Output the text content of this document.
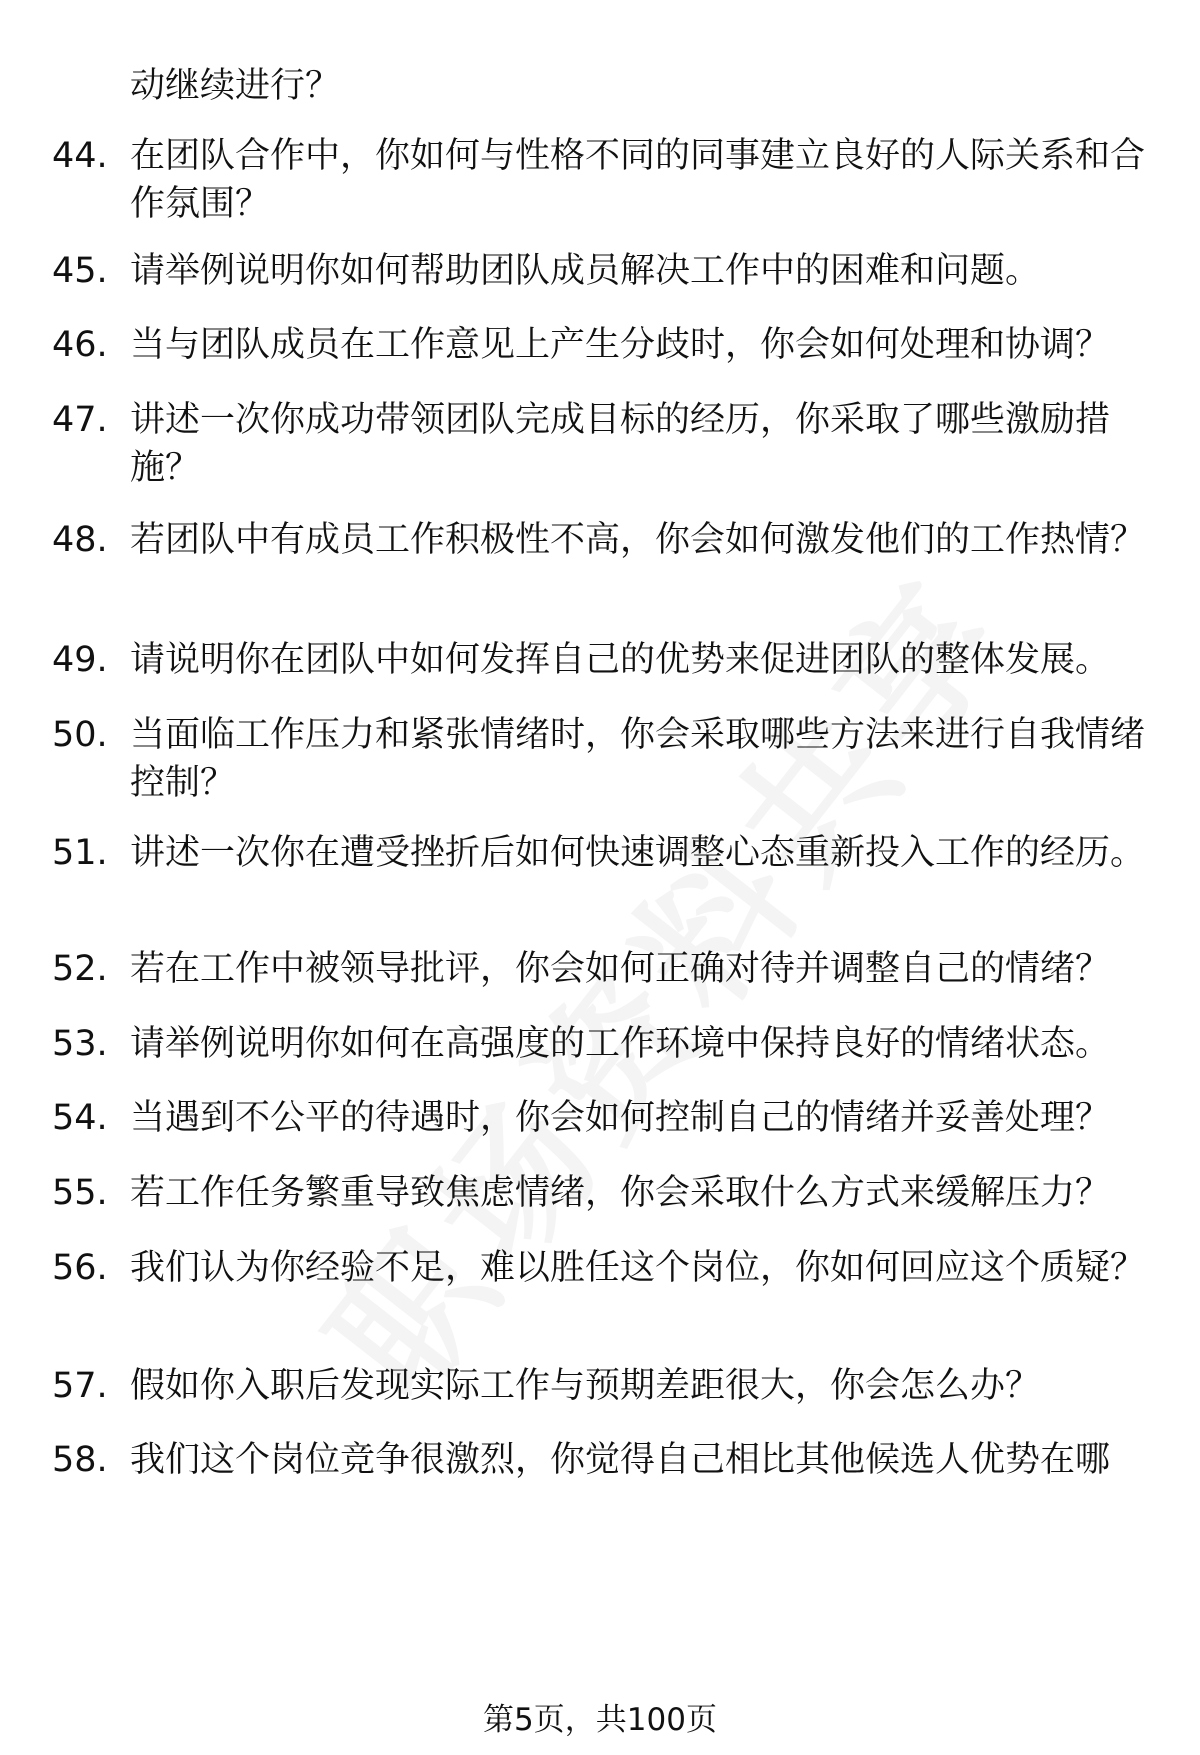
动继续进行？
44. 在团队合作中，你如何与性格不同的同事建立良好的人际关系和合作氛围？
45. 请举例说明你如何帮助团队成员解决工作中的困难和问题。
46. 当与团队成员在工作意见上产生分歧时，你会如何处理和协调？
47. 讲述一次你成功带领团队完成目标的经历，你采取了哪些激励措施？
48. 若团队中有成员工作积极性不高，你会如何激发他们的工作热情？
49. 请说明你在团队中如何发挥自己的优势来促进团队的整体发展。
50. 当面临工作压力和紧张情绪时，你会采取哪些方法来进行自我情绪控制？
51. 讲述一次你在遭受挫折后如何快速调整心态重新投入工作的经历。
52. 若在工作中被领导批评，你会如何正确对待并调整自己的情绪？
53. 请举例说明你如何在高强度的工作环境中保持良好的情绪状态。
54. 当遇到不公平的待遇时，你会如何控制自己的情绪并妥善处理？
55. 若工作任务繁重导致焦虑情绪，你会采取什么方式来缓解压力？
56. 我们认为你经验不足，难以胜任这个岗位，你如何回应这个质疑？
57. 假如你入职后发现实际工作与预期差距很大，你会怎么办？
58. 我们这个岗位竞争很激烈，你觉得自己相比其他候选人优势在哪
第5页，共100页
